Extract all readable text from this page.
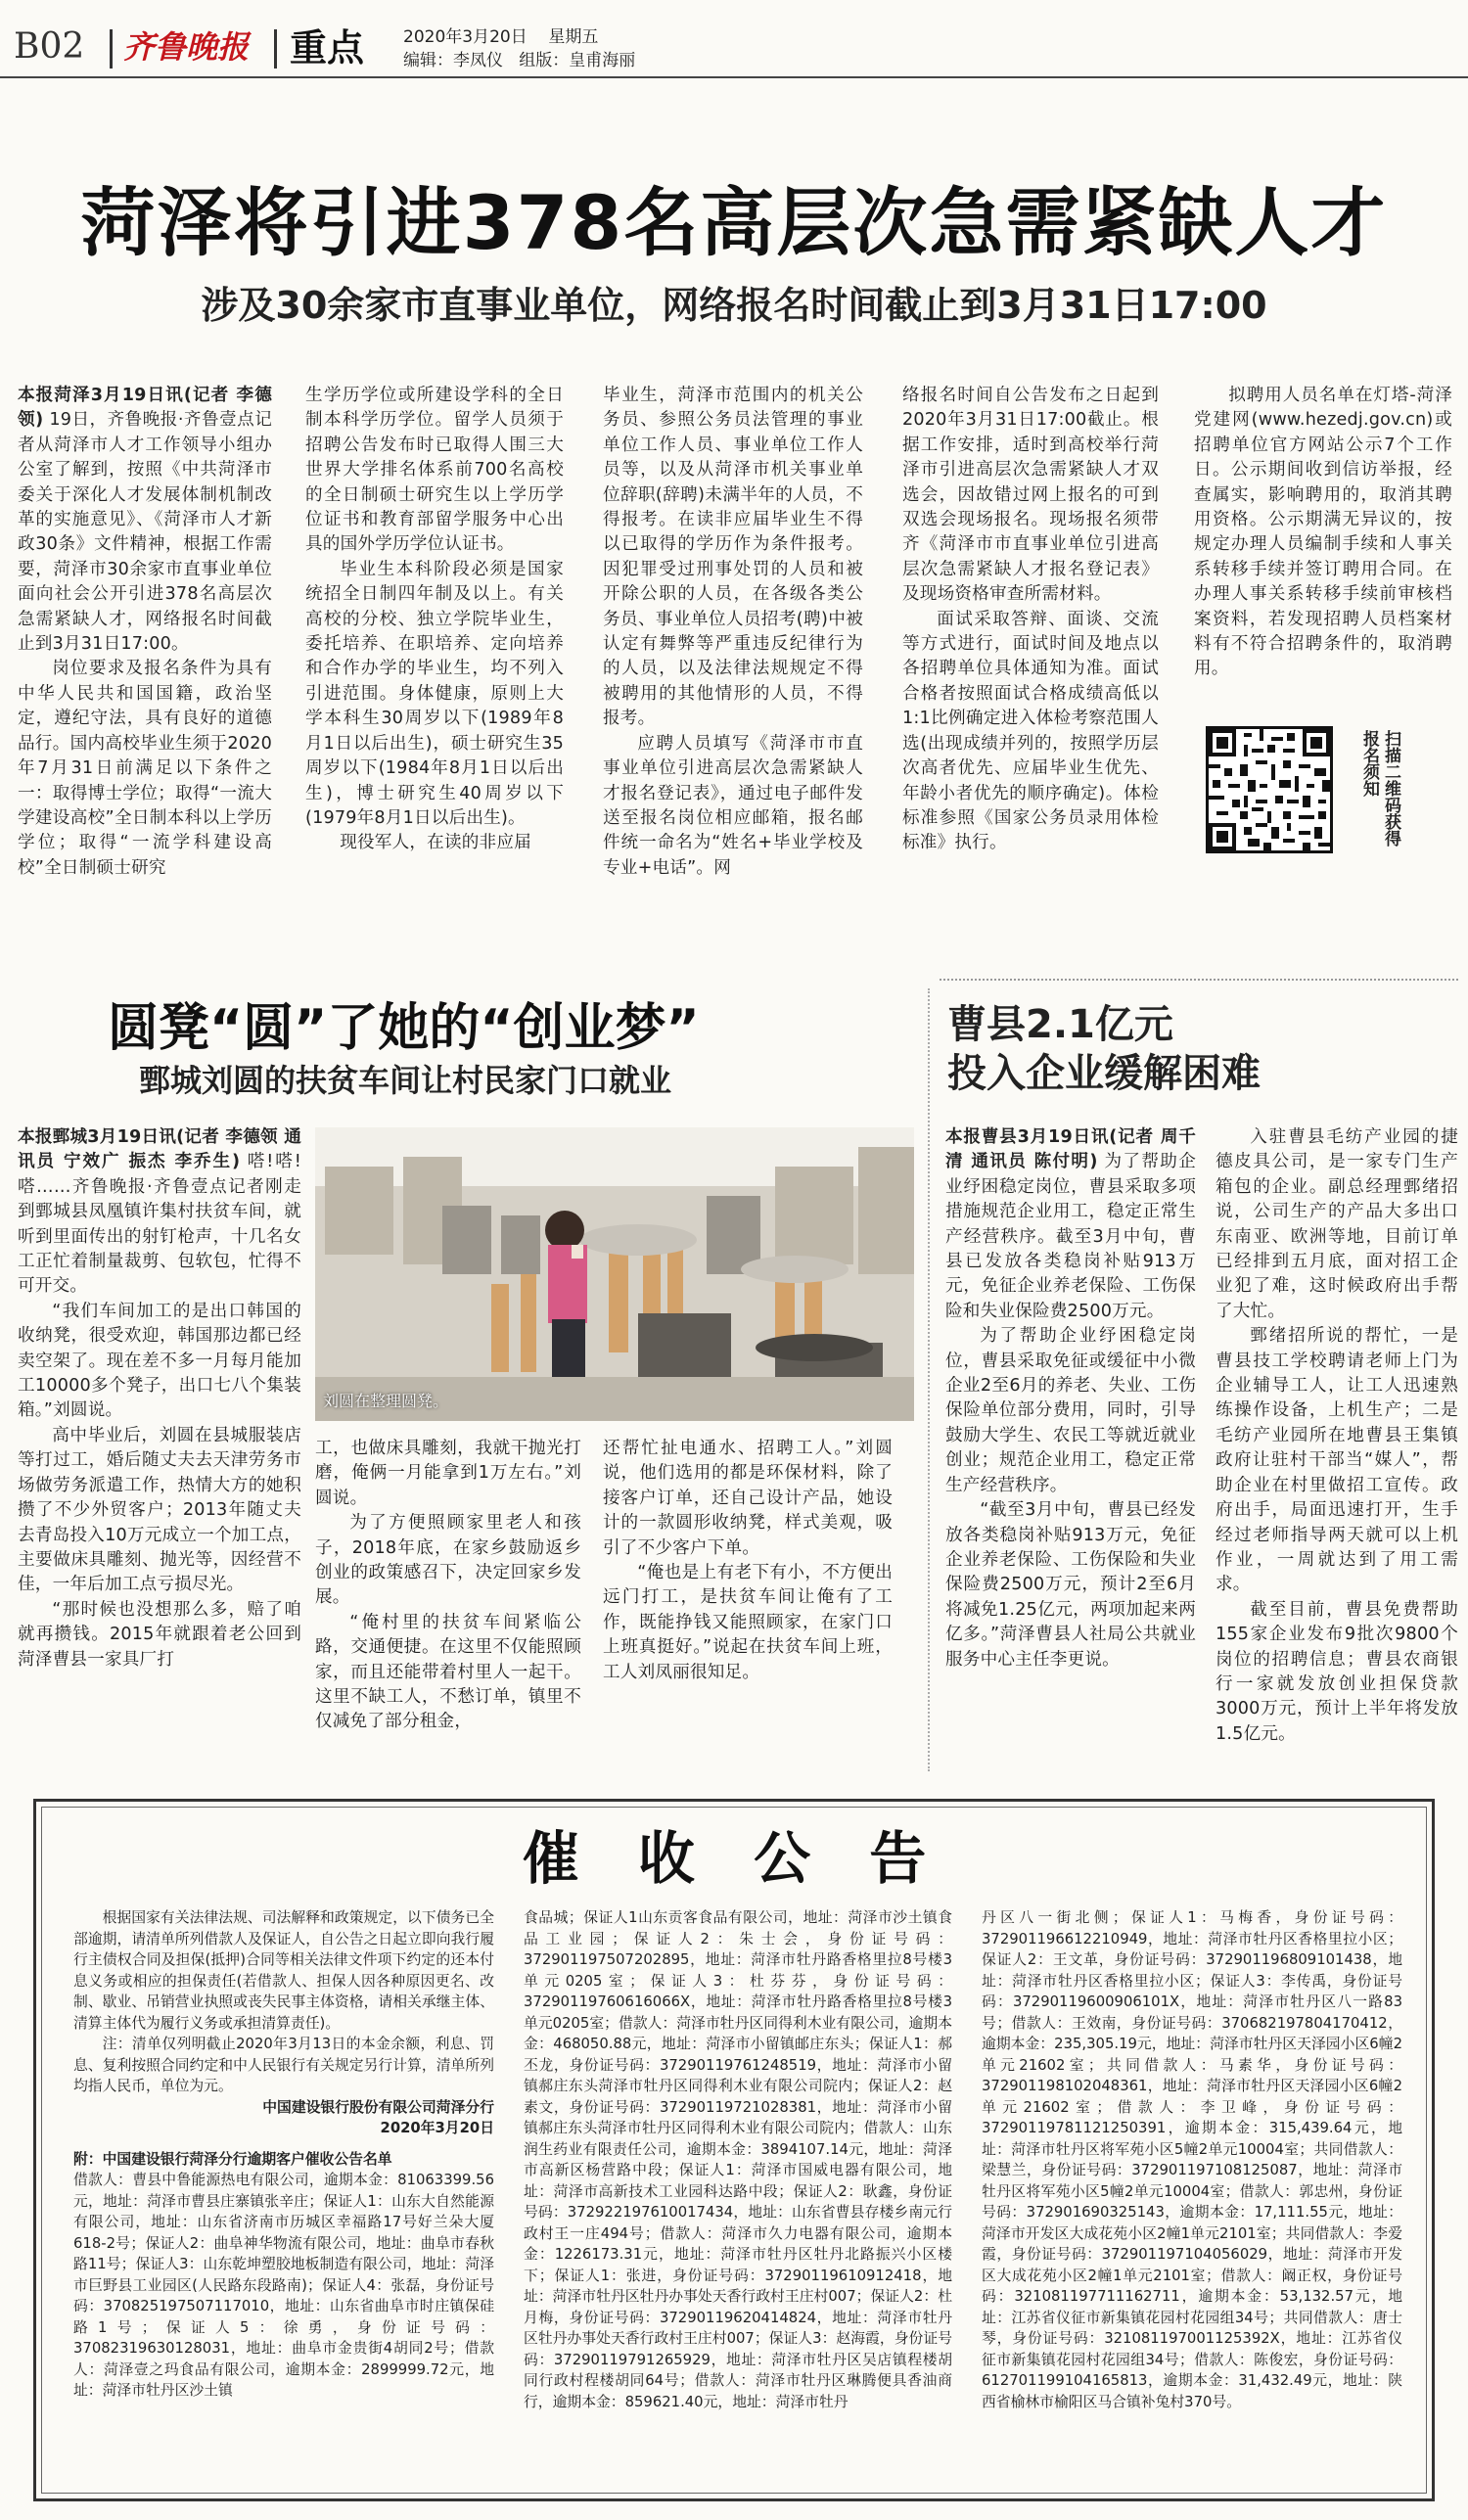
B02 齐鲁晚报 重点 2020年3月20日 星期五
编辑：李凤仪 组版：皇甫海丽
菏泽将引进378名高层次急需紧缺人才
涉及30余家市直事业单位，网络报名时间截止到3月31日17:00

本报菏泽3月19日讯(记者 李德领) 19日，齐鲁晚报·齐鲁壹点记者从菏泽市人才工作领导小组办公室了解到，按照《中共菏泽市委关于深化人才发展体制机制改革的实施意见》、《菏泽市人才新政30条》文件精神，根据工作需要，菏泽市30余家市直事业单位面向社会公开引进378名高层次急需紧缺人才，网络报名时间截止到3月31日17:00。

岗位要求及报名条件为具有中华人民共和国国籍，政治坚定，遵纪守法，具有良好的道德品行。国内高校毕业生须于2020年7月31日前满足以下条件之一：取得博士学位；取得“一流大学建设高校”全日制本科以上学历学位；取得“一流学科建设高校”全日制硕士研究

生学历学位或所建设学科的全日制本科学历学位。留学人员须于招聘公告发布时已取得人围三大世界大学排名体系前700名高校的全日制硕士研究生以上学历学位证书和教育部留学服务中心出具的国外学历学位认证书。

毕业生本科阶段必须是国家统招全日制四年制及以上。有关高校的分校、独立学院毕业生，委托培养、在职培养、定向培养和合作办学的毕业生，均不列入引进范围。身体健康，原则上大学本科生30周岁以下(1989年8月1日以后出生)，硕士研究生35周岁以下(1984年8月1日以后出生)，博士研究生40周岁以下(1979年8月1日以后出生)。

现役军人，在读的非应届

毕业生，菏泽市范围内的机关公务员、参照公务员法管理的事业单位工作人员、事业单位工作人员等，以及从菏泽市机关事业单位辞职(辞聘)未满半年的人员，不得报考。在读非应届毕业生不得以已取得的学历作为条件报考。因犯罪受过刑事处罚的人员和被开除公职的人员，在各级各类公务员、事业单位人员招考(聘)中被认定有舞弊等严重违反纪律行为的人员，以及法律法规规定不得被聘用的其他情形的人员，不得报考。

应聘人员填写《菏泽市市直事业单位引进高层次急需紧缺人才报名登记表》，通过电子邮件发送至报名岗位相应邮箱，报名邮件统一命名为“姓名+毕业学校及专业+电话”。网

络报名时间自公告发布之日起到2020年3月31日17:00截止。根据工作安排，适时到高校举行菏泽市引进高层次急需紧缺人才双选会，因故错过网上报名的可到双选会现场报名。现场报名须带齐《菏泽市市直事业单位引进高层次急需紧缺人才报名登记表》及现场资格审查所需材料。

面试采取答辩、面谈、交流等方式进行，面试时间及地点以各招聘单位具体通知为准。面试合格者按照面试合格成绩高低以1:1比例确定进入体检考察范围人选(出现成绩并列的，按照学历层次高者优先、应届毕业生优先、年龄小者优先的顺序确定)。体检标准参照《国家公务员录用体检标准》执行。

拟聘用人员名单在灯塔-菏泽党建网(www.hezedj.gov.cn)或招聘单位官方网站公示7个工作日。公示期间收到信访举报，经查属实，影响聘用的，取消其聘用资格。公示期满无异议的，按规定办理人员编制手续和人事关系转移手续并签订聘用合同。在办理人事关系转移手续前审核档案资料，若发现招聘人员档案材料有不符合招聘条件的，取消聘用。

扫描二维码获得报名须知
圆凳“圆”了她的“创业梦”
鄄城刘圆的扶贫车间让村民家门口就业

本报鄄城3月19日讯(记者 李德领 通讯员 宁效广 振杰 李乔生) 嗒!嗒!嗒……齐鲁晚报·齐鲁壹点记者刚走到鄄城县凤凰镇许集村扶贫车间，就听到里面传出的射钉枪声，十几名女工正忙着制量裁剪、包软包，忙得不可开交。

“我们车间加工的是出口韩国的收纳凳，很受欢迎，韩国那边都已经卖空架了。现在差不多一月每月能加工10000多个凳子，出口七八个集装箱。”刘圆说。

高中毕业后，刘圆在县城服装店等打过工，婚后随丈夫去天津劳务市场做劳务派遣工作，热情大方的她积攒了不少外贸客户；2013年随丈夫去青岛投入10万元成立一个加工点，主要做床具雕刻、抛光等，因经营不佳，一年后加工点亏损尽光。

“那时候也没想那么多，赔了咱就再攒钱。2015年就跟着老公回到菏泽曹县一家具厂打

刘圆在整理圆凳。

工，也做床具雕刻，我就干抛光打磨，俺俩一月能拿到1万左右。”刘圆说。

为了方便照顾家里老人和孩子，2018年底，在家乡鼓励返乡创业的政策感召下，决定回家乡发展。

“俺村里的扶贫车间紧临公路，交通便捷。在这里不仅能照顾家，而且还能带着村里人一起干。这里不缺工人，不愁订单，镇里不仅减免了部分租金，

还帮忙扯电通水、招聘工人。”刘圆说，他们选用的都是环保材料，除了接客户订单，还自己设计产品，她设计的一款圆形收纳凳，样式美观，吸引了不少客户下单。

“俺也是上有老下有小，不方便出远门打工，是扶贫车间让俺有了工作，既能挣钱又能照顾家，在家门口上班真挺好。”说起在扶贫车间上班，工人刘凤丽很知足。

曹县2.1亿元
投入企业缓解困难

本报曹县3月19日讯(记者 周千清 通讯员 陈付明) 为了帮助企业纾困稳定岗位，曹县采取多项措施规范企业用工，稳定正常生产经营秩序。截至3月中旬，曹县已发放各类稳岗补贴913万元，免征企业养老保险、工伤保险和失业保险费2500万元。

为了帮助企业纾困稳定岗位，曹县采取免征或缓征中小微企业2至6月的养老、失业、工伤保险单位部分费用，同时，引导鼓励大学生、农民工等就近就业创业；规范企业用工，稳定正常生产经营秩序。

“截至3月中旬，曹县已经发放各类稳岗补贴913万元，免征企业养老保险、工伤保险和失业保险费2500万元，预计2至6月将减免1.25亿元，两项加起来两亿多。”菏泽曹县人社局公共就业服务中心主任李更说。

入驻曹县毛纺产业园的捷德皮具公司，是一家专门生产箱包的企业。副总经理鄄绪招说，公司生产的产品大多出口东南亚、欧洲等地，目前订单已经排到五月底，面对招工企业犯了难，这时候政府出手帮了大忙。

鄄绪招所说的帮忙，一是曹县技工学校聘请老师上门为企业辅导工人，让工人迅速熟练操作设备，上机生产；二是毛纺产业园所在地曹县王集镇政府让驻村干部当“媒人”，帮助企业在村里做招工宣传。政府出手，局面迅速打开，生手经过老师指导两天就可以上机作业，一周就达到了用工需求。

截至目前，曹县免费帮助155家企业发布9批次9800个岗位的招聘信息；曹县农商银行一家就发放创业担保贷款3000万元，预计上半年将发放1.5亿元。

催 收 公 告

根据国家有关法律法规、司法解释和政策规定，以下债务已全部逾期，请清单所列借款人及保证人，自公告之日起立即向我行履行主债权合同及担保(抵押)合同等相关法律文件项下约定的还本付息义务或相应的担保责任(若借款人、担保人因各种原因更名、改制、歇业、吊销营业执照或丧失民事主体资格，请相关承继主体、清算主体代为履行义务或承担清算责任)。

注：清单仅列明截止2020年3月13日的本金余额，利息、罚息、复利按照合同约定和中人民银行有关规定另行计算，清单所列均指人民币，单位为元。

中国建设银行股份有限公司菏泽分行
2020年3月20日
附：中国建设银行菏泽分行逾期客户催收公告名单
借款人：曹县中鲁能源热电有限公司，逾期本金：81063399.56元，地址：菏泽市曹县庄寨镇张辛庄；保证人1：山东大自然能源有限公司，地址：山东省济南市历城区幸福路17号好兰朵大厦618-2号；保证人2：曲阜神华物流有限公司，地址：曲阜市春秋路11号；保证人3：山东乾坤塑胶地板制造有限公司，地址：菏泽市巨野县工业园区(人民路东段路南)；保证人4：张磊，身份证号码：370825197507117010，地址：山东省曲阜市时庄镇保硅路1号；保证人5：徐勇，身份证号码：37082319630128031，地址：曲阜市金贵街4胡同2号；借款人：菏泽壹之玛食品有限公司，逾期本金：2899999.72元，地址：菏泽市牡丹区沙土镇
食品城；保证人1山东贡客食品有限公司，地址：菏泽市沙土镇食品工业园；保证人2：朱士会，身份证号码：372901197507202895，地址：菏泽市牡丹路香格里拉8号楼3单元0205室；保证人3：杜芬芬，身份证号码：37290119760616066X，地址：菏泽市牡丹路香格里拉8号楼3单元0205室；借款人：菏泽市牡丹区同得利木业有限公司，逾期本金：468050.88元，地址：菏泽市小留镇邮庄东头；保证人1：郝丕龙，身份证号码：37290119761248519，地址：菏泽市小留镇郝庄东头菏泽市牡丹区同得利木业有限公司院内；保证人2：赵素文，身份证号码：37290119721028381，地址：菏泽市小留镇郝庄东头菏泽市牡丹区同得利木业有限公司院内；借款人：山东润生药业有限责任公司，逾期本金：3894107.14元，地址：菏泽市高新区杨营路中段；保证人1：菏泽市国威电器有限公司，地址：菏泽市高新技术工业园科达路中段；保证人2：耿鑫，身份证号码：372922197610017434，地址：山东省曹县存楼乡南元行政村王一庄494号；借款人：菏泽市久力电器有限公司，逾期本金：1226173.31元，地址：菏泽市牡丹区牡丹北路振兴小区楼下；保证人1：张进，身份证号码：37290119610912418，地址：菏泽市牡丹区牡丹办事处天香行政村王庄村007；保证人2：杜月梅，身份证号码：37290119620414824，地址：菏泽市牡丹区牡丹办事处天香行政村王庄村007；保证人3：赵海霞，身份证号码：37290119791265929，地址：菏泽市牡丹区吴店镇程楼胡同行政村程楼胡同64号；借款人：菏泽市牡丹区琳腾便具香油商行，逾期本金：859621.40元，地址：菏泽市牡丹
丹区八一街北侧；保证人1：马梅香，身份证号码：372901196612210949，地址：菏泽市牡丹区香格里拉小区；保证人2：王文革，身份证号码：372901196809101438，地址：菏泽市牡丹区香格里拉小区；保证人3：李传禹，身份证号码：37290119600906101X，地址：菏泽市牡丹区八一路83号；借款人：王效南，身份证号码：370682197804170412，逾期本金：235,305.19元，地址：菏泽市牡丹区天泽园小区6幢2单元21602室；共同借款人：马素华，身份证号码：372901198102048361，地址：菏泽市牡丹区天泽园小区6幢2单元21602室；借款人：李卫峰，身份证号码：37290119781121250391，逾期本金：315,439.64元，地址：菏泽市牡丹区将军苑小区5幢2单元10004室；共同借款人：梁慧兰，身份证号码：372901197108125087，地址：菏泽市牡丹区将军苑小区5幢2单元10004室；借款人：郭忠州，身份证号码：372901690325143，逾期本金：17,111.55元，地址：菏泽市开发区大成花苑小区2幢1单元2101室；共同借款人：李爱霞，身份证号码：372901197104056029，地址：菏泽市开发区大成花苑小区2幢1单元2101室；借款人：阚正权，身份证号码：321081197711162711，逾期本金：53,132.57元，地址：江苏省仪征市新集镇花园村花园组34号；共同借款人：唐士琴，身份证号码：321081197001125392X，地址：江苏省仪征市新集镇花园村花园组34号；借款人：陈俊宏，身份证号码：612701199104165813，逾期本金：31,432.49元，地址：陕西省榆林市榆阳区马合镇补兔村370号。
